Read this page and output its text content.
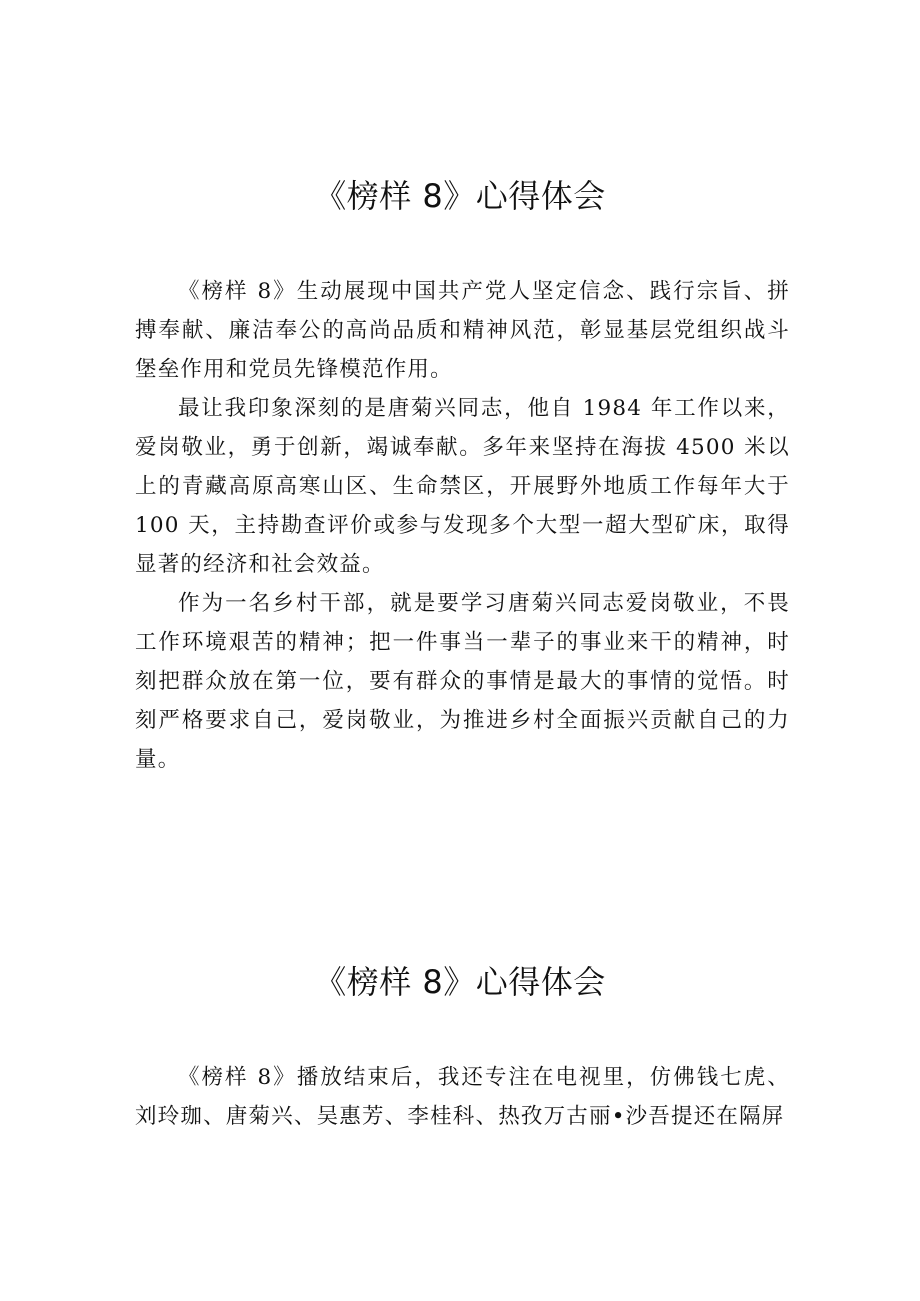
《榜样 8》心得体会

《榜样 8》生动展现中国共产党人坚定信念、践行宗旨、拼搏奉献、廉洁奉公的高尚品质和精神风范，彰显基层党组织战斗堡垒作用和党员先锋模范作用。

最让我印象深刻的是唐菊兴同志，他自 1984 年工作以来，爱岗敬业，勇于创新，竭诚奉献。多年来坚持在海拔 4500 米以上的青藏高原高寒山区、生命禁区，开展野外地质工作每年大于 100 天，主持勘查评价或参与发现多个大型一超大型矿床，取得显著的经济和社会效益。

作为一名乡村干部，就是要学习唐菊兴同志爱岗敬业，不畏工作环境艰苦的精神；把一件事当一辈子的事业来干的精神，时刻把群众放在第一位，要有群众的事情是最大的事情的觉悟。时刻严格要求自己，爱岗敬业，为推进乡村全面振兴贡献自己的力量。

《榜样 8》心得体会

《榜样 8》播放结束后，我还专注在电视里，仿佛钱七虎、刘玲珈、唐菊兴、吴惠芳、李桂科、热孜万古丽•沙吾提还在隔屏
